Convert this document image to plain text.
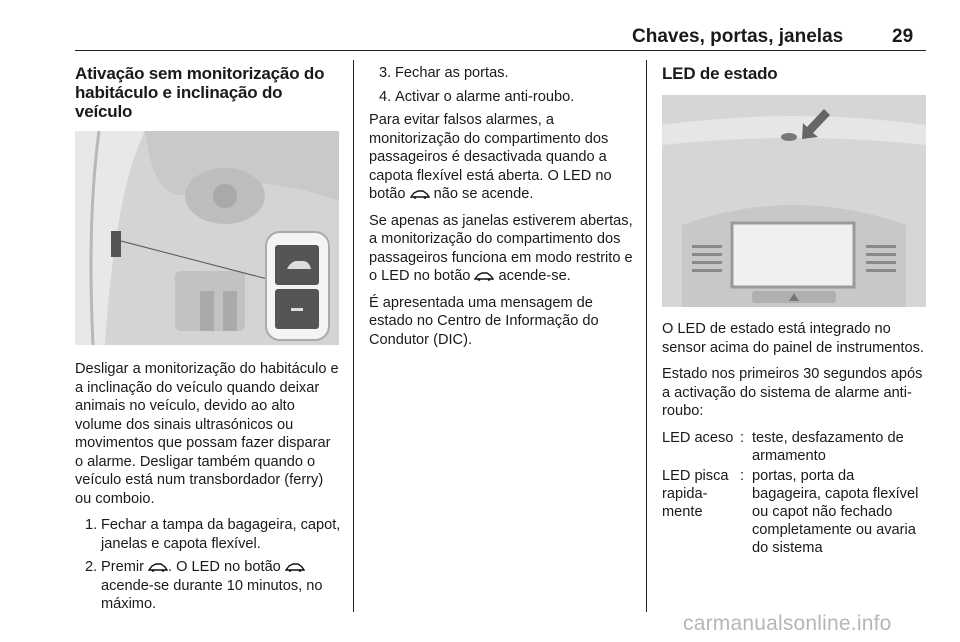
Chaves, portas, janelas	29
Ativação sem monitorização do habitáculo e inclinação do veículo

Desligar a monitorização do habitáculo e a inclinação do veículo quando deixar animais no veículo, devido ao alto volume dos sinais ultrasónicos ou movimentos que possam fazer disparar o alarme. Desligar também quando o veículo está num transbordador (ferry) ou comboio.

1. Fechar a tampa da bagageira, capot, janelas e capota flexível.
2. Premir . O LED no botão  acende-se durante 10 minutos, no máximo.
3. Fechar as portas.
4. Activar o alarme anti-roubo.

Para evitar falsos alarmes, a monitorização do compartimento dos passageiros é desactivada quando a capota flexível está aberta. O LED no botão  não se acende.

Se apenas as janelas estiverem abertas, a monitorização do compartimento dos passageiros funciona em modo restrito e o LED no botão  acende-se.

É apresentada uma mensagem de estado no Centro de Informação do Condutor (DIC).

LED de estado

O LED de estado está integrado no sensor acima do painel de instrumentos.

Estado nos primeiros 30 segundos após a activação do sistema de alarme anti-roubo:

LED aceso	:	teste, desfazamento de armamento
LED pisca rapida-mente	:	portas, porta da bagageira, capota flexível ou capot não fechado completamente ou avaria do sistema
carmanualsonline.info
